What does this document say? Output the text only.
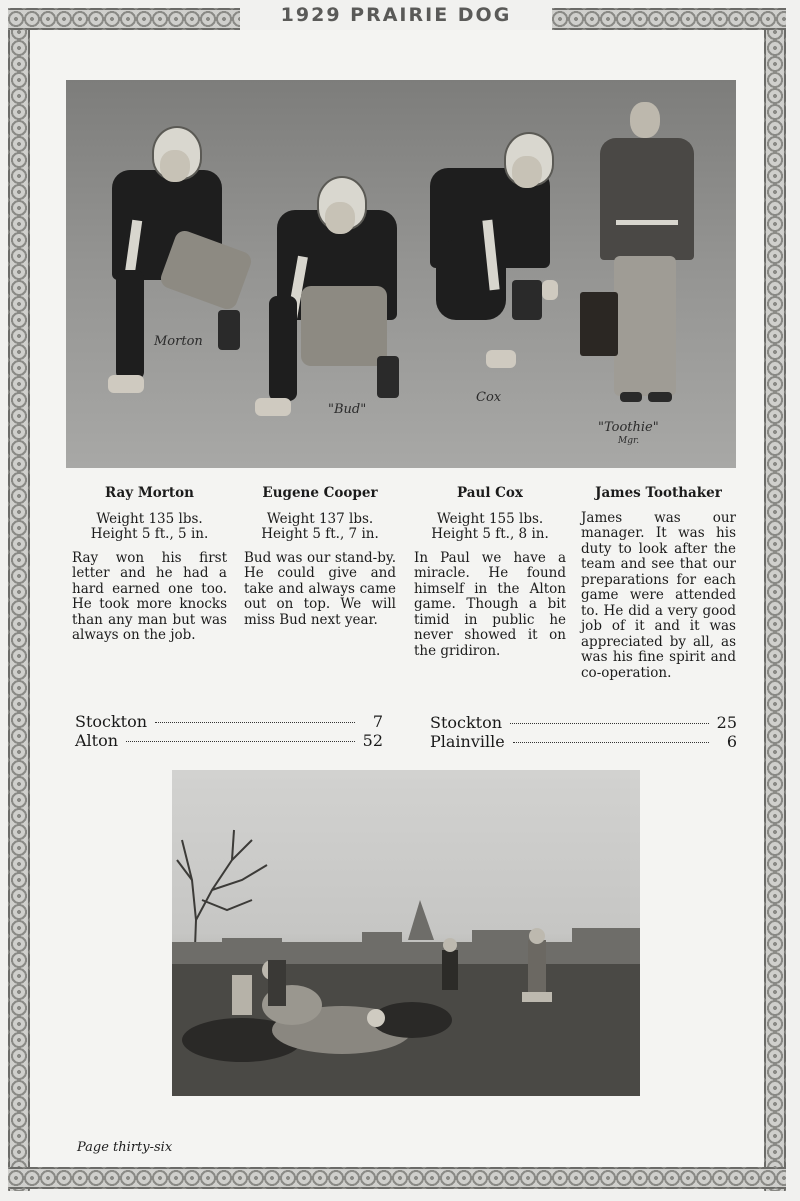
1929 PRAIRIE DOG
Morton
"Bud"
Cox
"Toothie"
Mgr.
Ray Morton
Weight 135 lbs.
Height 5 ft., 5 in.
Ray won his first letter and he had a hard earned one too. He took more knocks than any man but was always on the job.
Eugene Cooper
Weight 137 lbs.
Height 5 ft., 7 in.
Bud was our stand-by. He could give and take and always came out on top. We will miss Bud next year.
Paul Cox
Weight 155 lbs.
Height 5 ft., 8 in.
In Paul we have a miracle. He found himself in the Alton game. Though a bit timid in public he never showed it on the gridiron.
James Toothaker
James was our manager. It was his duty to look after the team and see that our preparations for each game were attended to. He did a very good job of it and it was appreciated by all, as was his fine spirit and co-operation.
Stockton	7
Alton	52
Stockton	25
Plainville	6
Page thirty-six
